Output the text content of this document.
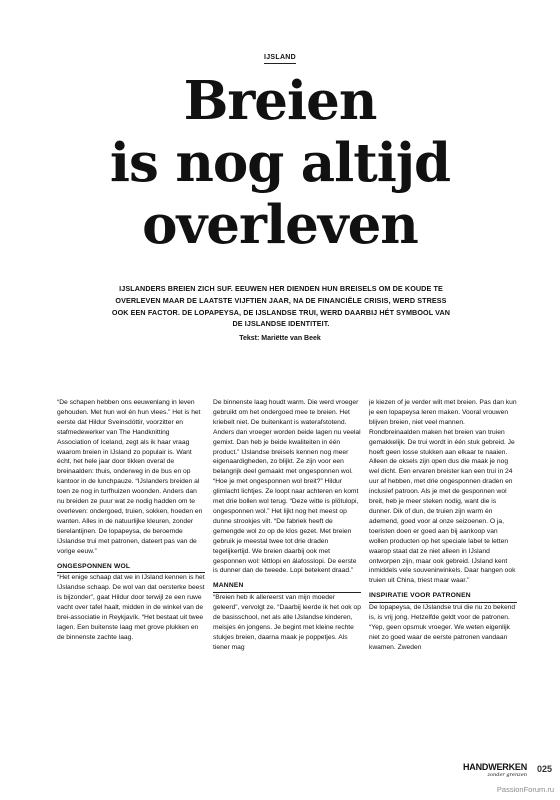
IJSLAND
Breien
is nog altijd
overleven
IJSLANDERS BREIEN ZICH SUF. EEUWEN HER DIENDEN HUN BREISELS OM DE KOUDE TE OVERLEVEN MAAR DE LAATSTE VIJFTIEN JAAR, NA DE FINANCIËLE CRISIS, WERD STRESS OOK EEN FACTOR. DE LOPAPEYSA, DE IJSLANDSE TRUI, WERD DAARBIJ HÉT SYMBOOL VAN DE IJSLANDSE IDENTITEIT.
Tekst: Mariëtte van Beek

“De schapen hebben ons eeuwenlang in leven gehouden. Met hun wol én hun vlees.” Het is het eerste dat Hildur Sveinsdóttir, voorzitter en stafmedewerker van The Handknitting Association of Iceland, zegt als ik haar vraag waarom breien in IJsland zo populair is. Want écht, het hele jaar door tikken overal de breinaalden: thuis, onderweg in de bus en op kantoor in de lunchpauze. “IJslanders breiden al toen ze nog in turfhuizen woonden. Anders dan nu breiden ze puur wat ze nodig hadden om te overleven: ondergoed, truien, sokken, hoeden en wanten. Alles in de natuurlijke kleuren, zonder tierelantijnen. De lopapeysa, de beroemde IJslandse trui met patronen, dateert pas van de vorige eeuw.”

ONGESPONNEN WOL

“Het enige schaap dat we in IJsland kennen is het IJslandse schaap. De wol van dat oersterke beest is bijzonder”, gaat Hildur door terwijl ze een ruwe vacht over tafel haalt, midden in de winkel van de brei-associatie in Reykjavík. “Het bestaat uit twee lagen. Een buitenste laag met grove plukken en de binnenste zachte laag.

De binnenste laag houdt warm. Die werd vroeger gebruikt om het ondergoed mee te breien. Het kriebelt niet. De buitenkant is waterafstotend. Anders dan vroeger worden beide lagen nu veelal gemixt. Dan heb je beide kwaliteiten in één product.” IJslandse breisels kennen nog meer eigenaardigheden, zo blijkt. Ze zijn voor een belangrijk deel gemaakt met ongesponnen wol. “Hoe je met ongesponnen wol breit?” Hildur glimlacht lichtjes. Ze loopt naar achteren en komt met drie bollen wol terug. “Deze witte is plötulopi, ongesponnen wol.” Het lijkt nog het meest op dunne strookjes vilt. “De fabriek heeft de gemengde wol zo op de klos gezet. Met breien gebruik je meestal twee tot drie draden tegelijkertijd. We breien daarbij ook met gesponnen wol: léttlopi en álafosslopi. De eerste is dunner dan de tweede. Lopi betekent draad.”

MANNEN

“Breien heb ik allereerst van mijn moeder geleerd”, vervolgt ze. “Daarbij leerde ik het ook op de basisschool, net als alle IJslandse kinderen, meisjes én jongens. Je begint met kleine rechte stukjes breien, daarna maak je poppetjes. Als tiener mag

je kiezen of je verder wilt met breien. Pas dan kun je een lopapeysa leren maken. Vooral vrouwen blijven breien, niet veel mannen. Rondbreinaalden maken het breien van truien gemakkelijk. De trui wordt in één stuk gebreid. Je hoeft geen losse stukken aan elkaar te naaien. Alleen de oksels zijn open dus die maak je nog wel dicht. Een ervaren breister kan een trui in 24 uur af hebben, met drie ongesponnen draden en inclusief patroon. Als je met de gesponnen wol breit, heb je meer steken nodig, want die is dunner. Dik of dun, de truien zijn warm én ademend, goed voor al onze seizoenen. O ja, toeristen doen er goed aan bij aankoop van wollen producten op het speciale label te letten waarop staat dat ze niet alleen in IJsland ontworpen zijn, maar ook gebreid. IJsland kent inmiddels vele souvenirwinkels. Daar hangen ook truien uit China, triest maar waar.”

INSPIRATIE VOOR PATRONEN

De lopapeysa, de IJslandse trui die nu zo bekend is, is vrij jong. Hetzelfde geldt voor de patronen. “Yep, geen opsmuk vroeger. We weten eigenlijk niet zo goed waar de eerste patronen vandaan kwamen. Zweden

HANDWERKEN
zonder grenzen
025
PassionForum.ru
